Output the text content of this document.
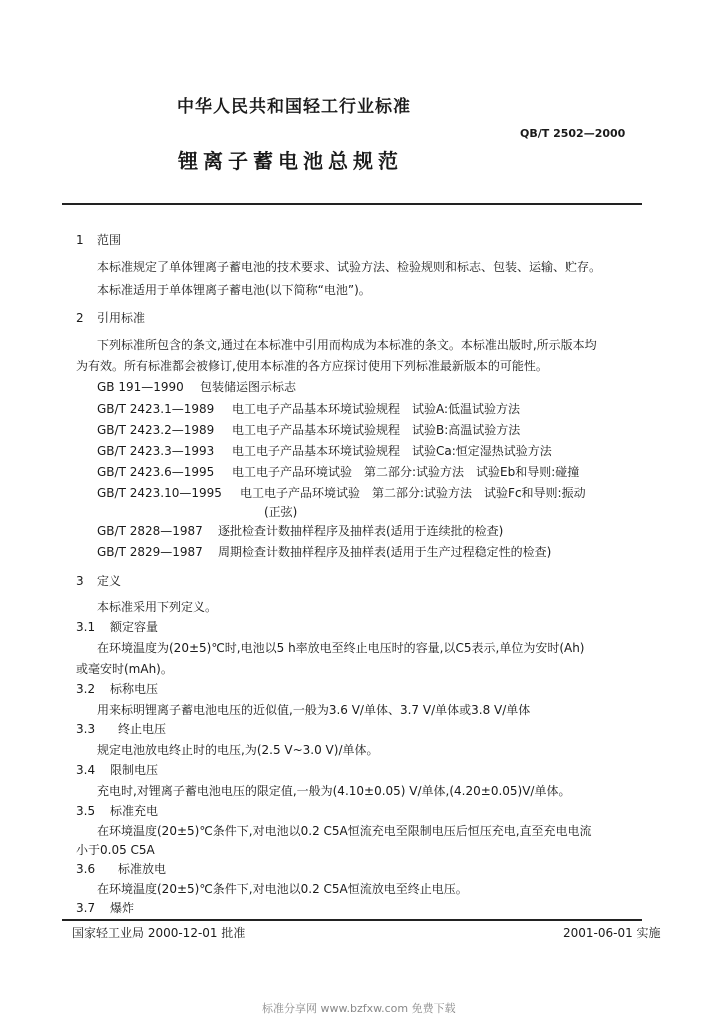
中华人民共和国轻工行业标准
QB/T 2502—2000
锂离子蓄电池总规范
1 范围
本标准规定了单体锂离子蓄电池的技术要求、试验方法、检验规则和标志、包装、运输、贮存。
本标准适用于单体锂离子蓄电池(以下简称“电池”)。
2 引用标准
下列标准所包含的条文,通过在本标准中引用而构成为本标准的条文。本标准出版时,所示版本均
为有效。所有标准都会被修订,使用本标准的各方应探讨使用下列标准最新版本的可能性。
GB 191—1990 包装储运图示标志
GB/T 2423.1—1989 电工电子产品基本环境试验规程　试验A:低温试验方法
GB/T 2423.2—1989 电工电子产品基本环境试验规程　试验B:高温试验方法
GB/T 2423.3—1993 电工电子产品基本环境试验规程　试验Ca:恒定湿热试验方法
GB/T 2423.6—1995 电工电子产品环境试验　第二部分:试验方法　试验Eb和导则:碰撞
GB/T 2423.10—1995 电工电子产品环境试验　第二部分:试验方法　试验Fc和导则:振动
(正弦)
GB/T 2828—1987 逐批检查计数抽样程序及抽样表(适用于连续批的检查)
GB/T 2829—1987 周期检查计数抽样程序及抽样表(适用于生产过程稳定性的检查)
3 定义
本标准采用下列定义。
3.1 额定容量
在环境温度为(20±5)℃时,电池以5 h率放电至终止电压时的容量,以C5表示,单位为安时(Ah)
或毫安时(mAh)。
3.2 标称电压
用来标明锂离子蓄电池电压的近似值,一般为3.6 V/单体、3.7 V/单体或3.8 V/单体
3.3 终止电压
规定电池放电终止时的电压,为(2.5 V~3.0 V)/单体。
3.4 限制电压
充电时,对锂离子蓄电池电压的限定值,一般为(4.10±0.05) V/单体,(4.20±0.05)V/单体。
3.5 标准充电
在环境温度(20±5)℃条件下,对电池以0.2 C5A恒流充电至限制电压后恒压充电,直至充电电流
小于0.05 C5A
3.6 标准放电
在环境温度(20±5)℃条件下,对电池以0.2 C5A恒流放电至终止电压。
3.7 爆炸
国家轻工业局 2000-12-01 批准	2001-06-01 实施
标准分享网 www.bzfxw.com 免费下载
